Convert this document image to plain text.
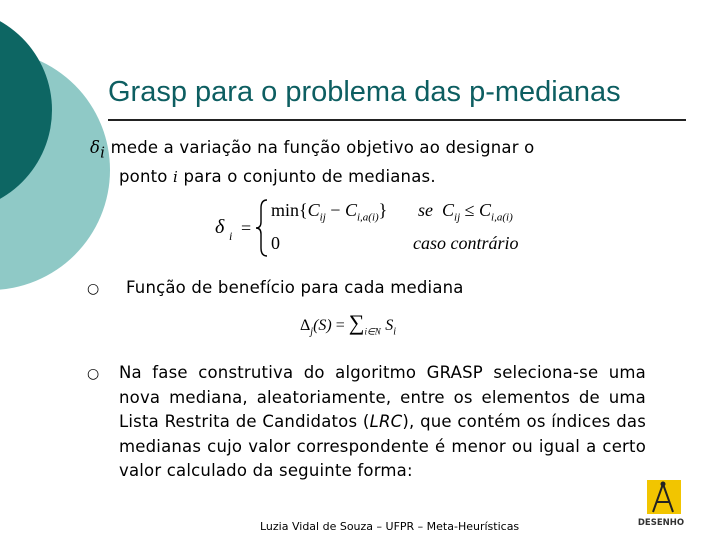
Grasp para o problema das p-medianas
$\delta_i$ mede a variação na função objetivo ao designar o
ponto i para o conjunto de medianas.
δ i =
$\min\{C_{ij} - C_{i,a(i)}\}$ se $C_{ij} \le C_{i,a(i)}$
0	caso contrário
○ Função de benefício para cada mediana
$\Delta_j(S) = \sum_{i\in N}$ $S_i$
○ Na fase construtiva do algoritmo GRASP seleciona-se uma nova mediana, aleatoriamente, entre os elementos de uma Lista Restrita de Candidatos (LRC), que contém os índices das medianas cujo valor correspondente é menor ou igual a certo valor calculado da seguinte forma:
Luzia Vidal de Souza – UFPR – Meta-Heurísticas	DESENHO
